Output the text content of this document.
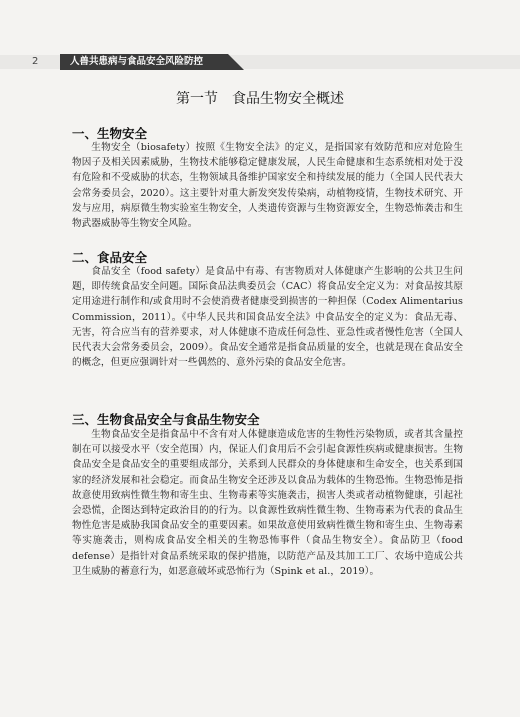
2	人兽共患病与食品安全风险防控
第一节　食品生物安全概述
一、生物安全

生物安全（biosafety）按照《生物安全法》的定义，是指国家有效防范和应对危险生物因子及相关因素威胁，生物技术能够稳定健康发展，人民生命健康和生态系统相对处于没有危险和不受威胁的状态，生物领域具备维护国家安全和持续发展的能力（全国人民代表大会常务委员会，2020）。这主要针对重大新发突发传染病，动植物疫情，生物技术研究、开发与应用，病原微生物实验室生物安全，人类遗传资源与生物资源安全，生物恐怖袭击和生物武器威胁等生物安全风险。

二、食品安全

食品安全（food safety）是食品中有毒、有害物质对人体健康产生影响的公共卫生问题，即传统食品安全问题。国际食品法典委员会（CAC）将食品安全定义为：对食品按其原定用途进行制作和/或食用时不会使消费者健康受到损害的一种担保（Codex Alimentarius Commission，2011）。《中华人民共和国食品安全法》中食品安全的定义为：食品无毒、无害，符合应当有的营养要求，对人体健康不造成任何急性、亚急性或者慢性危害（全国人民代表大会常务委员会，2009）。食品安全通常是指食品质量的安全，也就是现在食品安全的概念，但更应强调针对一些偶然的、意外污染的食品安全危害。

三、生物食品安全与食品生物安全

生物食品安全是指食品中不含有对人体健康造成危害的生物性污染物质，或者其含量控制在可以接受水平（安全范围）内，保证人们食用后不会引起食源性疾病或健康损害。生物食品安全是食品安全的重要组成部分，关系到人民群众的身体健康和生命安全，也关系到国家的经济发展和社会稳定。而食品生物安全还涉及以食品为载体的生物恐怖。生物恐怖是指故意使用致病性微生物和寄生虫、生物毒素等实施袭击，损害人类或者动植物健康，引起社会恐慌，企图达到特定政治目的的行为。以食源性致病性微生物、生物毒素为代表的食品生物性危害是威胁我国食品安全的重要因素。如果故意使用致病性微生物和寄生虫、生物毒素等实施袭击，则构成食品安全相关的生物恐怖事件（食品生物安全）。食品防卫（food defense）是指针对食品系统采取的保护措施，以防范产品及其加工工厂、农场中造成公共卫生威胁的蓄意行为，如恶意破坏或恐怖行为（Spink et al.，2019）。
